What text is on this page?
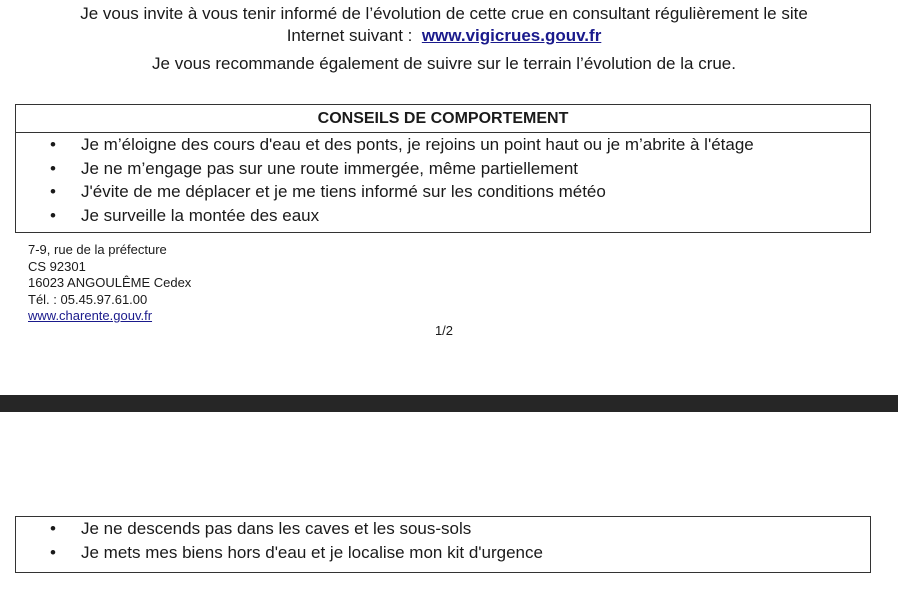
Je vous invite à vous tenir informé de l’évolution de cette crue en consultant régulièrement le site
Internet suivant : www.vigicrues.gouv.fr
Je vous recommande également de suivre sur le terrain l’évolution de la crue.
CONSEILS DE COMPORTEMENT
• Je m’éloigne des cours d'eau et des ponts, je rejoins un point haut ou je m’abrite à l'étage
• Je ne m’engage pas sur une route immergée, même partiellement
• J'évite de me déplacer et je me tiens informé sur les conditions météo
• Je surveille la montée des eaux
7-9, rue de la préfecture
CS 92301
16023 ANGOULÊME Cedex
Tél. : 05.45.97.61.00
www.charente.gouv.fr
1/2
• Je ne descends pas dans les caves et les sous-sols
• Je mets mes biens hors d'eau et je localise mon kit d'urgence
